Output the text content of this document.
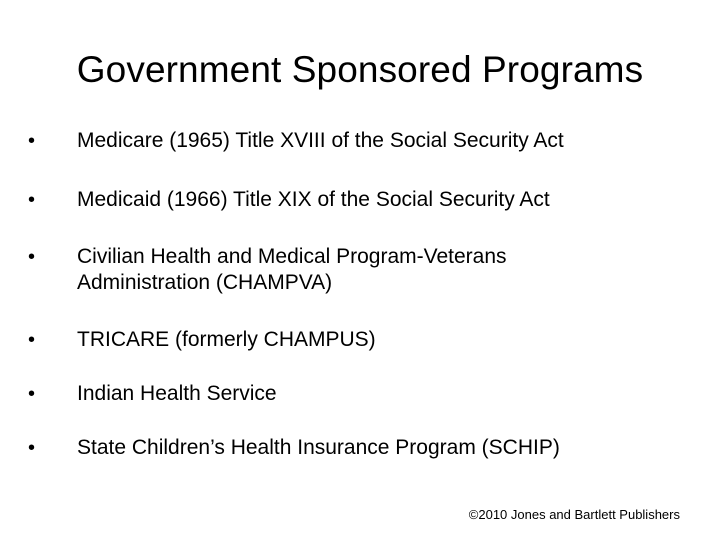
Government Sponsored Programs
• Medicare (1965) Title XVIII of the Social Security Act
• Medicaid (1966) Title XIX of the Social Security Act
• Civilian Health and Medical Program-Veterans Administration (CHAMPVA)
• TRICARE (formerly CHAMPUS)
• Indian Health Service
• State Children’s Health Insurance Program (SCHIP)
©2010 Jones and Bartlett Publishers
